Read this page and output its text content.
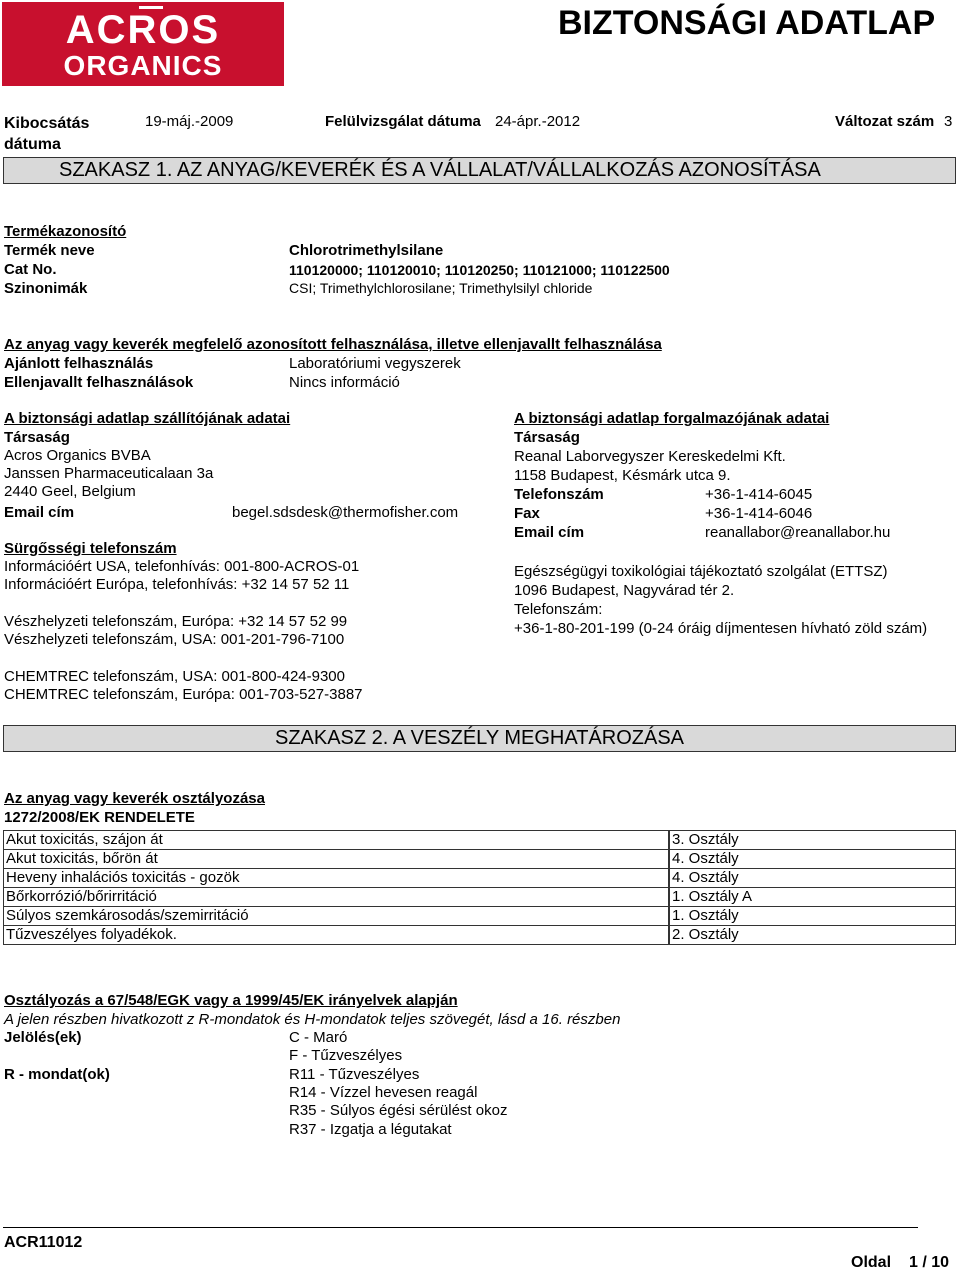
ACROS
ORGANICS
BIZTONSÁGI ADATLAP
Kibocsátás dátuma
19-máj.-2009	Felülvizsgálat dátuma 24-ápr.-2012	Változat szám 3
SZAKASZ 1. AZ ANYAG/KEVERÉK ÉS A VÁLLALAT/VÁLLALKOZÁS AZONOSÍTÁSA
Termékazonosító
Termék neve	Chlorotrimethylsilane
Cat No.	110120000; 110120010; 110120250; 110121000; 110122500
Szinonimák	CSI; Trimethylchlorosilane; Trimethylsilyl chloride
Az anyag vagy keverék megfelelő azonosított felhasználása, illetve ellenjavallt felhasználása
Ajánlott felhasználás	Laboratóriumi vegyszerek
Ellenjavallt felhasználások	Nincs információ
A biztonsági adatlap szállítójának adatai
Társaság
Acros Organics BVBA
Janssen Pharmaceuticalaan 3a
2440 Geel, Belgium
Email cím	begel.sdsdesk@thermofisher.com
Sürgősségi telefonszám
Információért USA, telefonhívás: 001-800-ACROS-01
Információért Európa, telefonhívás: +32 14 57 52 11
Vészhelyzeti telefonszám, Európa: +32 14 57 52 99
Vészhelyzeti telefonszám, USA: 001-201-796-7100
CHEMTREC telefonszám, USA: 001-800-424-9300
CHEMTREC telefonszám, Európa: 001-703-527-3887
A biztonsági adatlap forgalmazójának adatai
Társaság
Reanal Laborvegyszer Kereskedelmi Kft.
1158 Budapest, Késmárk utca 9.
Telefonszám	+36-1-414-6045
Fax	+36-1-414-6046
Email cím	reanallabor@reanallabor.hu
Egészségügyi toxikológiai tájékoztató szolgálat (ETTSZ)
1096 Budapest, Nagyvárad tér 2.
Telefonszám:
+36-1-80-201-199 (0-24 óráig díjmentesen hívható zöld szám)
SZAKASZ 2. A VESZÉLY MEGHATÁROZÁSA
Az anyag vagy keverék osztályozása
1272/2008/EK RENDELETE
Akut toxicitás, szájon át		3. Osztály
Akut toxicitás, bőrön át		4. Osztály
Heveny inhalációs toxicitás - gozök		4. Osztály
Bőrkorrózió/bőrirritáció		1. Osztály A
Súlyos szemkárosodás/szemirritáció		1. Osztály
Tűzveszélyes folyadékok.		2. Osztály
Osztályozás a 67/548/EGK vagy a 1999/45/EK irányelvek alapján
A jelen részben hivatkozott z R-mondatok és H-mondatok teljes szövegét, lásd a 16. részben
Jelölés(ek)	C - Maró
F - Tűzveszélyes
R - mondat(ok)	R11 - Tűzveszélyes
R14 - Vízzel hevesen reagál
R35 - Súlyos égési sérülést okoz
R37 - Izgatja a légutakat
ACR11012
Oldal 1 / 10
